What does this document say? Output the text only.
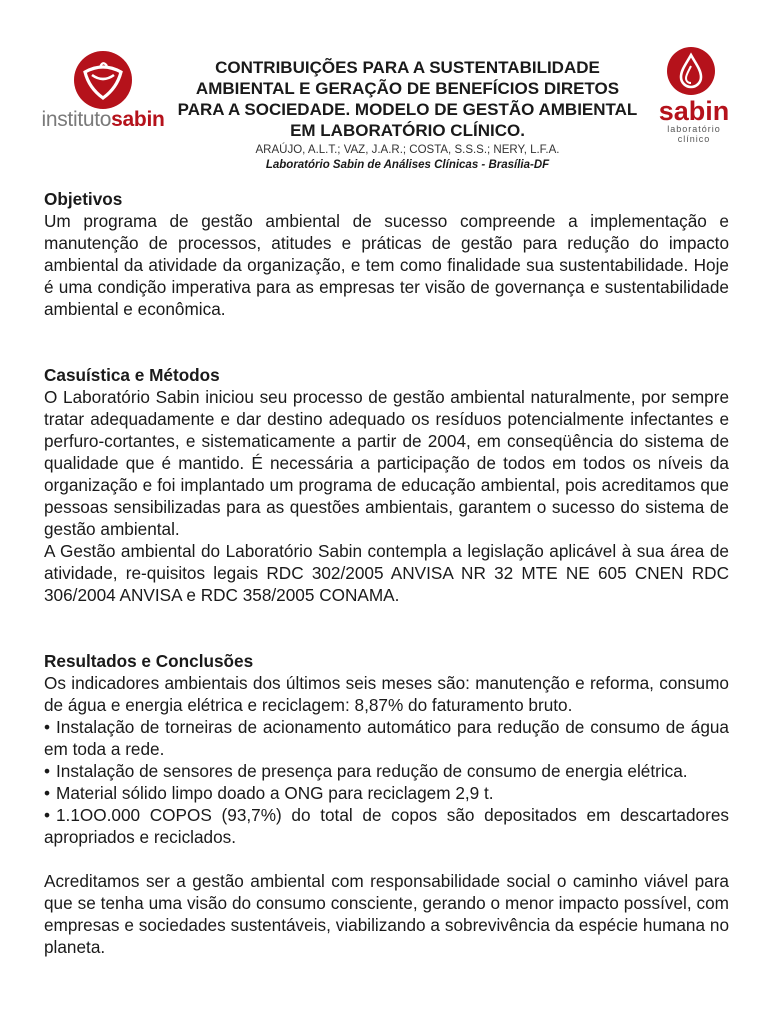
institutosabin
CONTRIBUIÇÕES PARA A SUSTENTABILIDADE AMBIENTAL E GERAÇÃO DE BENEFÍCIOS DIRETOS PARA A SOCIEDADE. MODELO DE GESTÃO AMBIENTAL EM LABORATÓRIO CLÍNICO.
ARAÚJO, A.L.T.; VAZ, J.A.R.; COSTA, S.S.S.; NERY, L.F.A.
Laboratório Sabin de Análises Clínicas - Brasília-DF
sabin
laboratório clínico
Objetivos

Um programa de gestão ambiental de sucesso compreende a implementação e manutenção de processos, atitudes e práticas de gestão para redução do impacto ambiental da atividade da organização, e tem como finalidade sua sustentabilidade. Hoje é uma condição imperativa para as empresas ter visão de governança e sustentabilidade ambiental e econômica.

Casuística e Métodos

O Laboratório Sabin iniciou seu processo de gestão ambiental naturalmente, por sempre tratar adequadamente e dar destino adequado os resíduos potencialmente infectantes e perfuro-cortantes, e sistematicamente a partir de 2004, em conseqüência do sistema de qualidade que é mantido. É necessária a participação de todos em todos os níveis da organização e foi implantado um programa de educação ambiental, pois acreditamos que pessoas sensibilizadas para as questões ambientais, garantem o sucesso do sistema de gestão ambiental.

A Gestão ambiental do Laboratório Sabin contempla a legislação aplicável à sua área de atividade, re-quisitos legais RDC 302/2005 ANVISA NR 32 MTE NE 605 CNEN RDC 306/2004 ANVISA e RDC 358/2005 CONAMA.

Resultados e Conclusões

Os indicadores ambientais dos últimos seis meses são: manutenção e reforma, consumo de água e energia elétrica e reciclagem: 8,87% do faturamento bruto.

• Instalação de torneiras de acionamento automático para redução de consumo de água em toda a rede.

• Instalação de sensores de presença para redução de consumo de energia elétrica.

• Material sólido limpo doado a ONG para reciclagem 2,9 t.

• 1.1OO.000 COPOS (93,7%) do total de copos são depositados em descartadores apropriados e reciclados.

Acreditamos ser a gestão ambiental com responsabilidade social o caminho viável para que se tenha uma visão do consumo consciente, gerando o menor impacto possível, com empresas e sociedades sustentáveis, viabilizando a sobrevivência da espécie humana no planeta.
